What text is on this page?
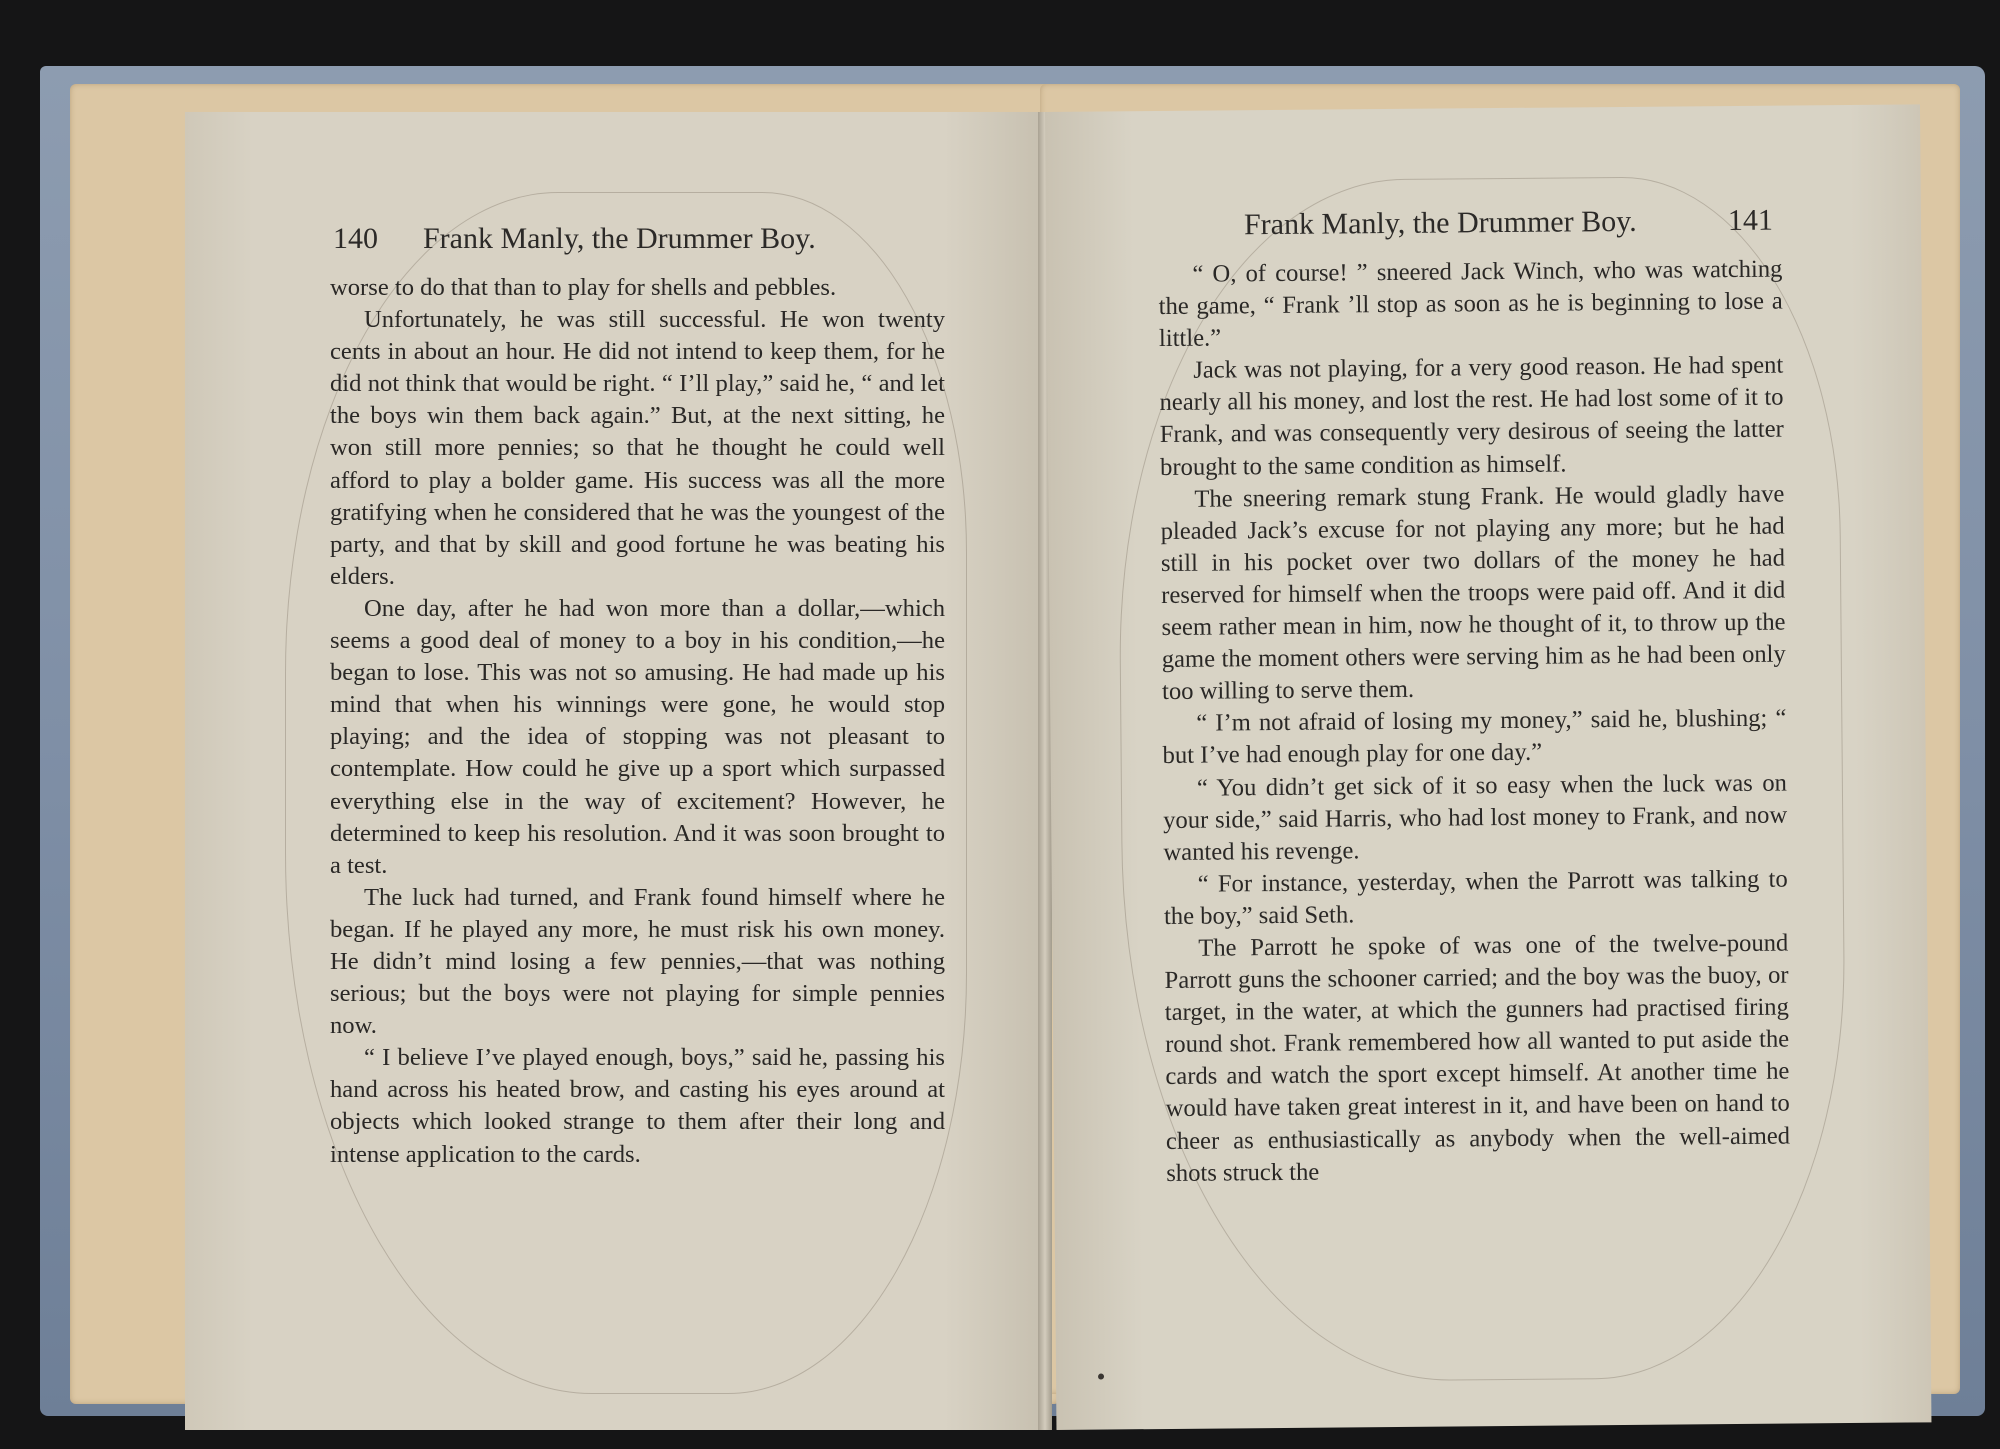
140 Frank Manly, the Drummer Boy.

worse to do that than to play for shells and pebbles.

Unfortunately, he was still successful. He won twenty cents in about an hour. He did not intend to keep them, for he did not think that would be right. “ I’ll play,” said he, “ and let the boys win them back again.” But, at the next sitting, he won still more pennies; so that he thought he could well afford to play a bolder game. His success was all the more gratifying when he considered that he was the youngest of the party, and that by skill and good fortune he was beating his elders.

One day, after he had won more than a dollar,—which seems a good deal of money to a boy in his condition,—he began to lose. This was not so amusing. He had made up his mind that when his winnings were gone, he would stop playing; and the idea of stopping was not pleasant to contemplate. How could he give up a sport which surpassed everything else in the way of excitement? However, he determined to keep his resolution. And it was soon brought to a test.

The luck had turned, and Frank found himself where he began. If he played any more, he must risk his own money. He didn’t mind losing a few pennies,—that was nothing serious; but the boys were not playing for simple pennies now.

“ I believe I’ve played enough, boys,” said he, passing his hand across his heated brow, and casting his eyes around at objects which looked strange to them after their long and intense application to the cards.

Frank Manly, the Drummer Boy.	141

“ O, of course! ” sneered Jack Winch, who was watching the game, “ Frank ’ll stop as soon as he is beginning to lose a little.”

Jack was not playing, for a very good reason. He had spent nearly all his money, and lost the rest. He had lost some of it to Frank, and was consequently very desirous of seeing the latter brought to the same condition as himself.

The sneering remark stung Frank. He would gladly have pleaded Jack’s excuse for not playing any more; but he had still in his pocket over two dollars of the money he had reserved for himself when the troops were paid off. And it did seem rather mean in him, now he thought of it, to throw up the game the moment others were serving him as he had been only too willing to serve them.

“ I’m not afraid of losing my money,” said he, blushing; “ but I’ve had enough play for one day.”

“ You didn’t get sick of it so easy when the luck was on your side,” said Harris, who had lost money to Frank, and now wanted his revenge.

“ For instance, yesterday, when the Parrott was talking to the boy,” said Seth.

The Parrott he spoke of was one of the twelve-pound Parrott guns the schooner carried; and the boy was the buoy, or target, in the water, at which the gunners had practised firing round shot. Frank remembered how all wanted to put aside the cards and watch the sport except himself. At another time he would have taken great interest in it, and have been on hand to cheer as enthusiastically as anybody when the well-aimed shots struck the
